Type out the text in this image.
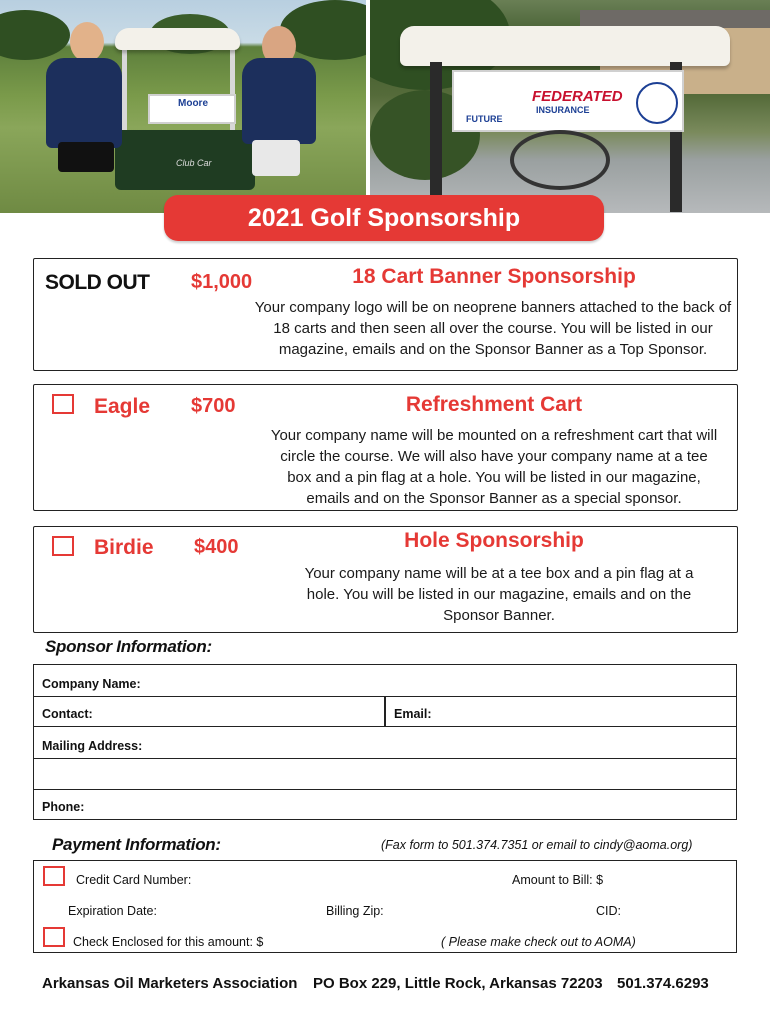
Moore
Club Car
FEDERATED
INSURANCE
FUTURE
2021 Golf Sponsorship
SOLD OUT $1,000	18 Cart Banner Sponsorship
Your company logo will be on neoprene banners attached to the back of 18 carts and then seen all over the course. You will be listed in our magazine, emails and on the Sponsor Banner as a Top Sponsor.
Eagle $700	Refreshment Cart
Your company name will be mounted on a refreshment cart that will circle the course. We will also have your company name at a tee box and a pin flag at a hole. You will be listed in our magazine, emails and on the Sponsor Banner as a special sponsor.
Birdie $400	Hole Sponsorship
Your company name will be at a tee box and a pin flag at a hole. You will be listed in our magazine, emails and on the Sponsor Banner.
Sponsor Information:
Company Name:
Contact:	Email:
Mailing Address:
Phone:
Payment Information:	(Fax form to 501.374.7351 or email to cindy@aoma.org)
Credit Card Number:	Amount to Bill: $
Expiration Date:	Billing Zip:	CID:
Check Enclosed for this amount: $	( Please make check out to AOMA)
Arkansas Oil Marketers Association PO Box 229, Little Rock, Arkansas 72203 501.374.6293
